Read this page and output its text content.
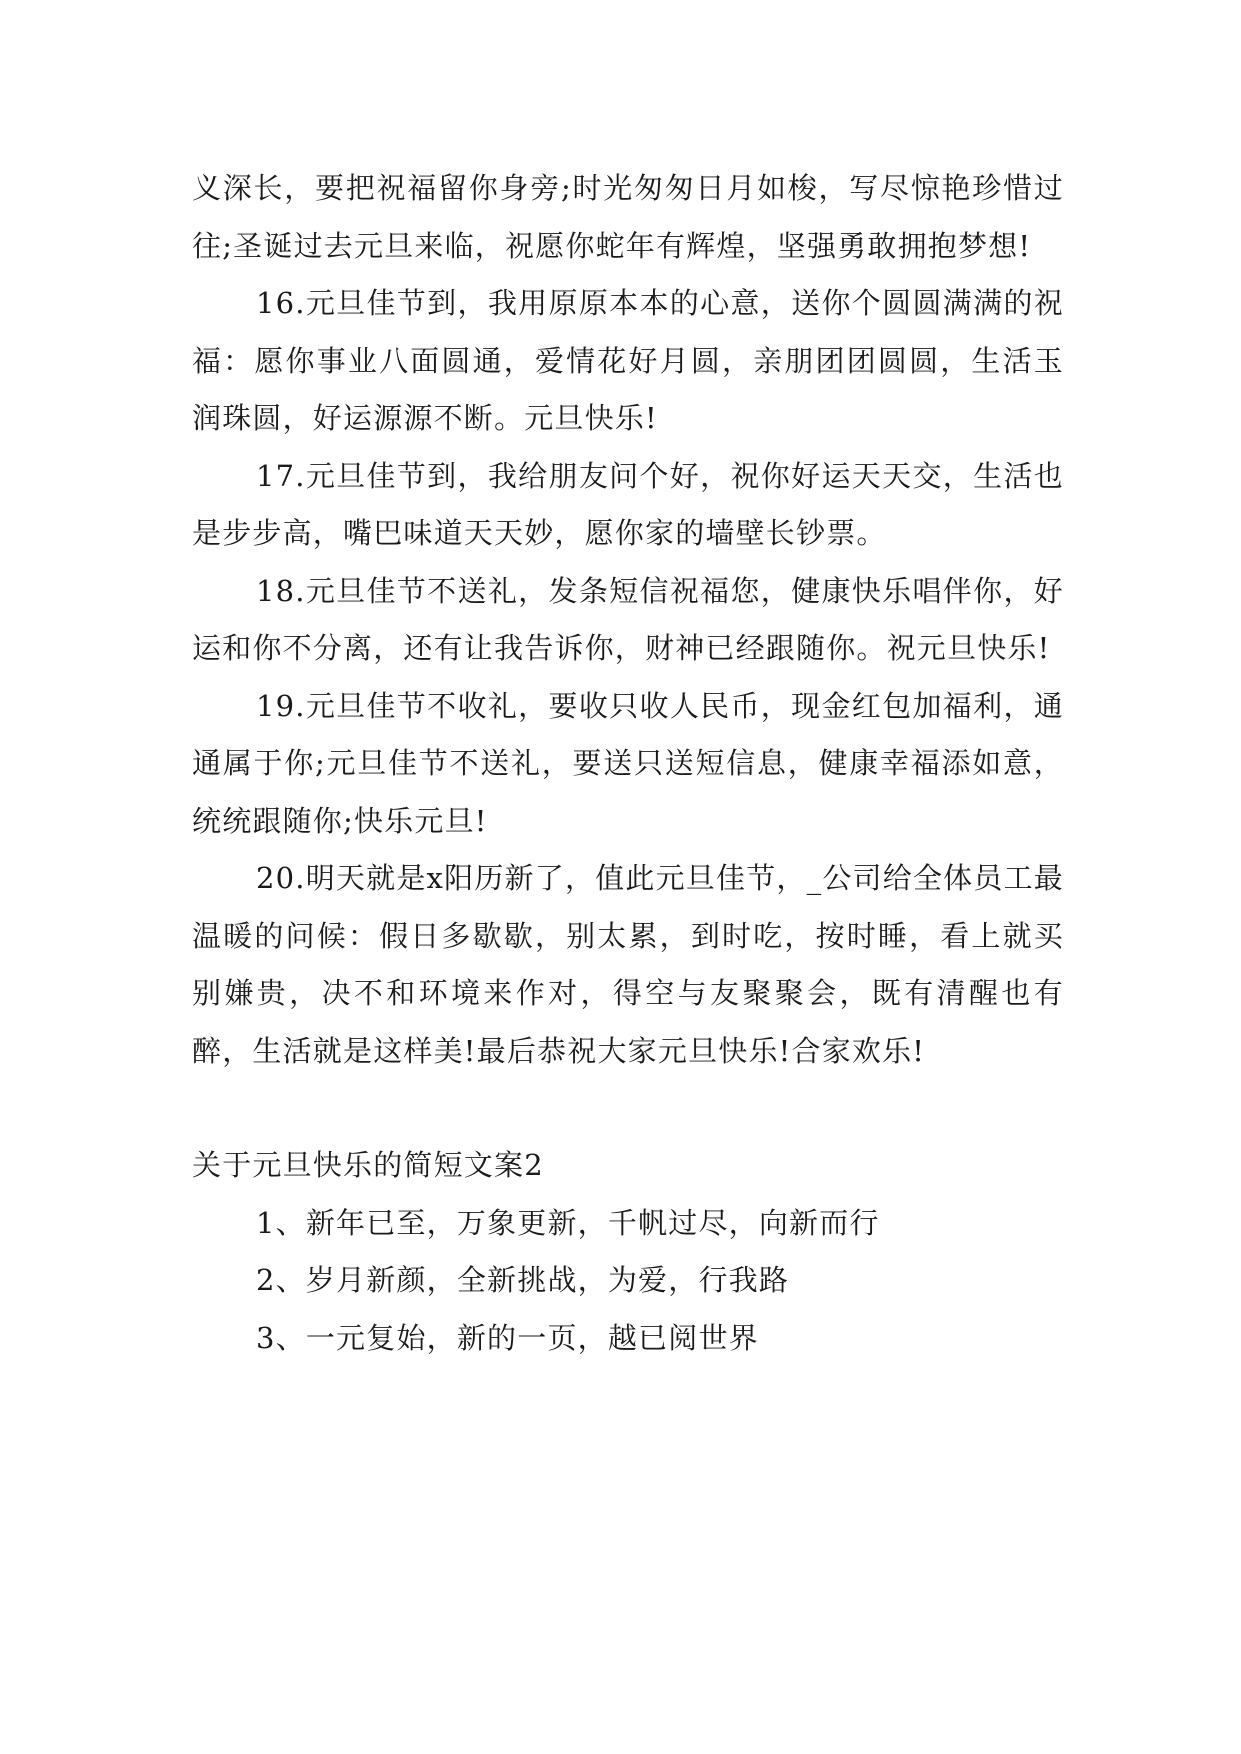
义深长，要把祝福留你身旁;时光匆匆日月如梭，写尽惊艳珍惜过往;圣诞过去元旦来临，祝愿你蛇年有辉煌，坚强勇敢拥抱梦想!

16.元旦佳节到，我用原原本本的心意，送你个圆圆满满的祝福：愿你事业八面圆通，爱情花好月圆，亲朋团团圆圆，生活玉润珠圆，好运源源不断。元旦快乐!

17.元旦佳节到，我给朋友问个好，祝你好运天天交，生活也是步步高，嘴巴味道天天妙，愿你家的墙壁长钞票。

18.元旦佳节不送礼，发条短信祝福您，健康快乐唱伴你，好运和你不分离，还有让我告诉你，财神已经跟随你。祝元旦快乐!

19.元旦佳节不收礼，要收只收人民币，现金红包加福利，通通属于你;元旦佳节不送礼，要送只送短信息，健康幸福添如意，统统跟随你;快乐元旦!

20.明天就是x阳历新了，值此元旦佳节，_公司给全体员工最温暖的问候：假日多歇歇，别太累，到时吃，按时睡，看上就买别嫌贵，决不和环境来作对，得空与友聚聚会，既有清醒也有醉，生活就是这样美!最后恭祝大家元旦快乐!合家欢乐!

关于元旦快乐的简短文案2

1、新年已至，万象更新，千帆过尽，向新而行

2、岁月新颜，全新挑战，为爱，行我路

3、一元复始，新的一页，越已阅世界
